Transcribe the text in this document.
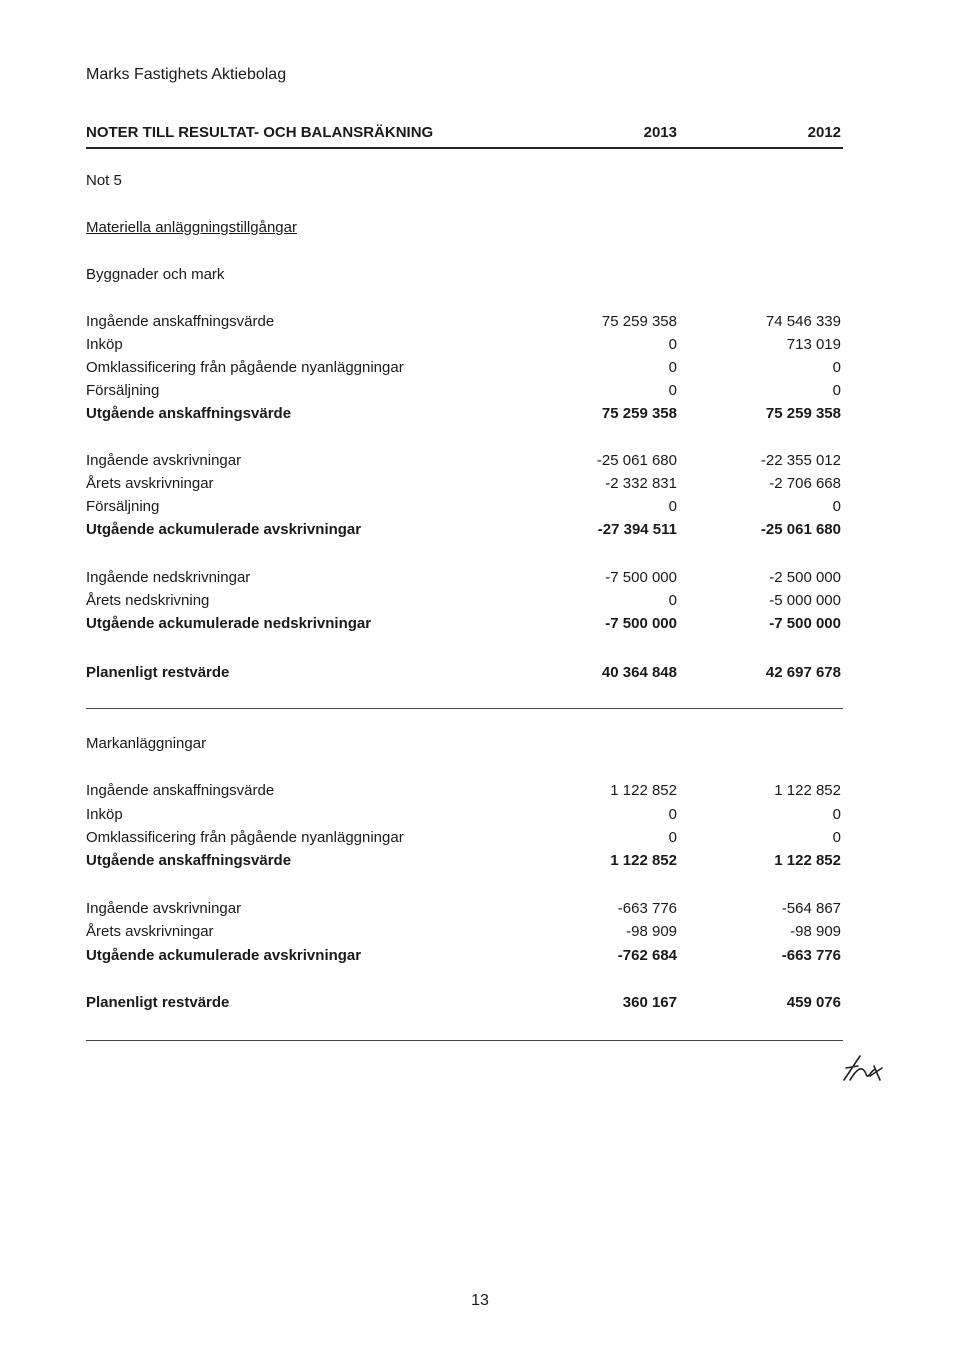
Marks Fastighets Aktiebolag
NOTER TILL RESULTAT- OCH BALANSRÄKNING	2013	2012
Not 5
Materiella anläggningstillgångar
Byggnader och mark
Ingående anskaffningsvärde	75 259 358	74 546 339
Inköp	0	713 019
Omklassificering från pågående nyanläggningar	0	0
Försäljning	0	0
Utgående anskaffningsvärde	75 259 358	75 259 358
Ingående avskrivningar	-25 061 680	-22 355 012
Årets avskrivningar	-2 332 831	-2 706 668
Försäljning	0	0
Utgående ackumulerade avskrivningar	-27 394 511	-25 061 680
Ingående nedskrivningar	-7 500 000	-2 500 000
Årets nedskrivning	0	-5 000 000
Utgående ackumulerade nedskrivningar	-7 500 000	-7 500 000
Planenligt restvärde	40 364 848	42 697 678
Markanläggningar
Ingående anskaffningsvärde	1 122 852	1 122 852
Inköp	0	0
Omklassificering från pågående nyanläggningar	0	0
Utgående anskaffningsvärde	1 122 852	1 122 852
Ingående avskrivningar	-663 776	-564 867
Årets avskrivningar	-98 909	-98 909
Utgående ackumulerade avskrivningar	-762 684	-663 776
Planenligt restvärde	360 167	459 076
13
